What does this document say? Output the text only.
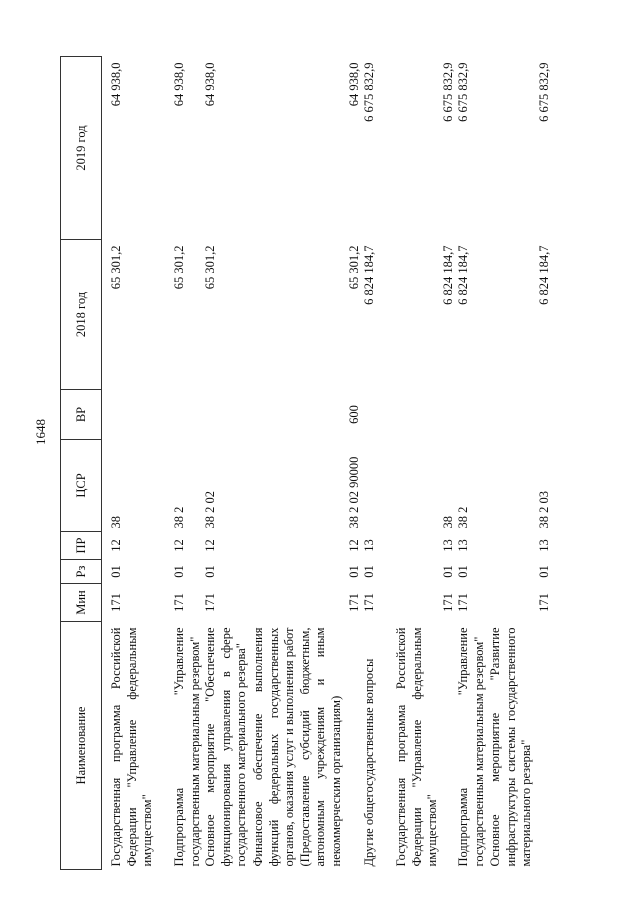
1648
Наименование	Мин	Рз	ПР	ЦСР	ВР	2018 год	2019 год

Государственная программа Российской Федерации "Управление федеральным имуществом"	171	01	12	38		65 301,2	64 938,0
Подпрограмма "Управление государственным материальным резервом"	171	01	12	38 2		65 301,2	64 938,0
Основное мероприятие "Обеспечение функционирования управления в сфере государственного материального резерва"	171	01	12	38 2 02		65 301,2	64 938,0
Финансовое обеспечение выполнения функций федеральных государственных органов, оказания услуг и выполнения работ (Предоставление субсидий бюджетным, автономным учреждениям и иным некоммерческим организациям)	171	01	12	38 2 02 90000	600	65 301,2	64 938,0
Другие общегосударственные вопросы	171	01	13			6 824 184,7	6 675 832,9
Государственная программа Российской Федерации "Управление федеральным имуществом"	171	01	13	38		6 824 184,7	6 675 832,9
Подпрограмма "Управление государственным материальным резервом"	171	01	13	38 2		6 824 184,7	6 675 832,9
Основное мероприятие "Развитие инфраструктуры системы государственного материального резерва"	171	01	13	38 2 03		6 824 184,7	6 675 832,9
